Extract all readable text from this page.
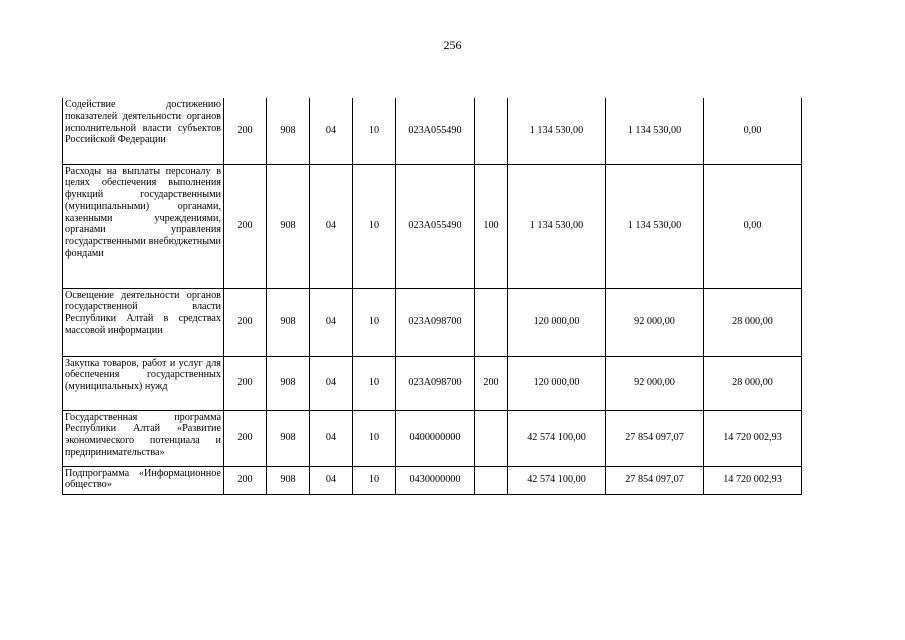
256
Содействие достижению показателей деятельности органов исполнительной власти субъектов Российской Федерации	200	908	04	10	023A055490		1 134 530,00	1 134 530,00	0,00
Расходы на выплаты персоналу в целях обеспечения выполнения функций государственными (муниципальными) органами, казенными учреждениями, органами управления государственными внебюджетными фондами	200	908	04	10	023A055490	100	1 134 530,00	1 134 530,00	0,00
Освещение деятельности органов государственной власти Республики Алтай в средствах массовой информации	200	908	04	10	023A098700		120 000,00	92 000,00	28 000,00
Закупка товаров, работ и услуг для обеспечения государственных (муниципальных) нужд	200	908	04	10	023A098700	200	120 000,00	92 000,00	28 000,00
Государственная программа Республики Алтай «Развитие экономического потенциала и предпринимательства»	200	908	04	10	0400000000		42 574 100,00	27 854 097,07	14 720 002,93
Подпрограмма «Информационное общество»	200	908	04	10	0430000000		42 574 100,00	27 854 097,07	14 720 002,93
